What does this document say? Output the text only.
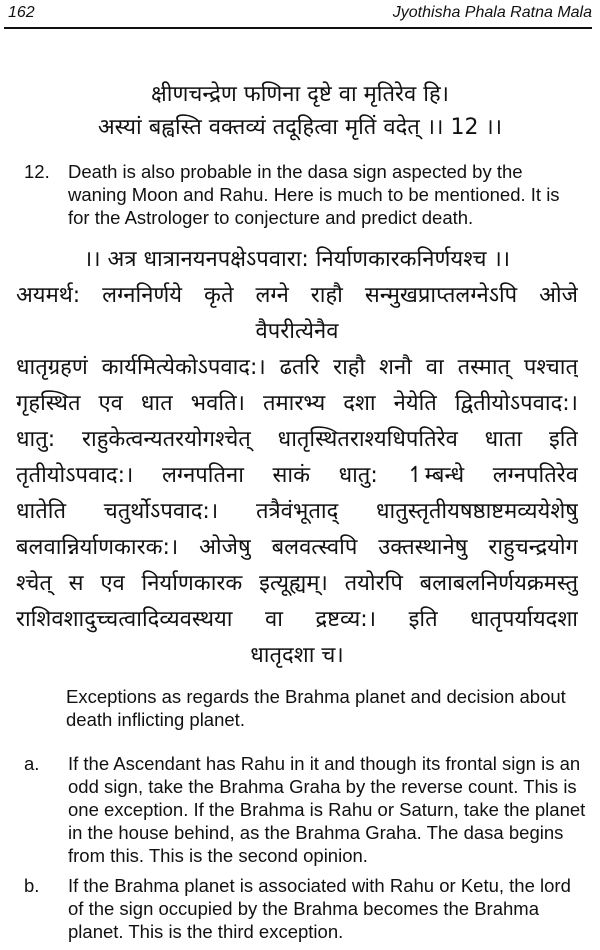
162	Jyothisha Phala Ratna Mala
क्षीणचन्द्रेण फणिना दृष्टे वा मृतिरेव हि।
अस्यां बह्वस्ति वक्तव्यं तदूहित्वा मृतिं वदेत् ।। 12 ।।
12. Death is also probable in the dasa sign aspected by the waning Moon and Rahu. Here is much to be mentioned. It is for the Astrologer to conjecture and predict death.
।। अत्र धात्रानयनपक्षेऽपवारा: निर्याणकारकनिर्णयश्च ।।
अयमर्थ: लग्ननिर्णये कृते लग्ने राहौ सन्मुखप्राप्तलग्नेऽपि ओजे
वैपरीत्येनैव
धातृग्रहणं कार्यमित्येकोऽपवाद:। ढतरि राहौ शनौ वा तस्मात् पश्चात्
गृहस्थित एव धात भवति। तमारभ्य दशा नेयेति द्वितीयोऽपवाद:।
धातु: राहुकेत्वन्यतरयोगश्चेत् धातृस्थितराश्यधिपतिरेव धाता इति
तृतीयोऽपवाद:। लग्नपतिना साकं धातु: ↿म्बन्धे लग्नपतिरेव
धातेति चतुर्थोऽपवाद:। तत्रैवंभूताद् धातुस्तृतीयषष्ठाष्टमव्ययेशेषु
बलवान्निर्याणकारक:। ओजेषु बलवत्स्वपि उक्तस्थानेषु राहुचन्द्रयोग
श्चेत् स एव निर्याणकारक इत्यूह्यम्। तयोरपि बलाबलनिर्णयक्रमस्तु
राशिवशादुच्चत्वादिव्यवस्थया वा द्रष्टव्य:। इति धातृपर्यायदशा
धातृदशा च।
Exceptions as regards the Brahma planet and decision about death inflicting planet.
a. If the Ascendant has Rahu in it and though its frontal sign is an odd sign, take the Brahma Graha by the reverse count. This is one exception. If the Brahma is Rahu or Saturn, take the planet in the house behind, as the Brahma Graha. The dasa begins from this. This is the second opinion.
b. If the Brahma planet is associated with Rahu or Ketu, the lord of the sign occupied by the Brahma becomes the Brahma planet. This is the third exception.
